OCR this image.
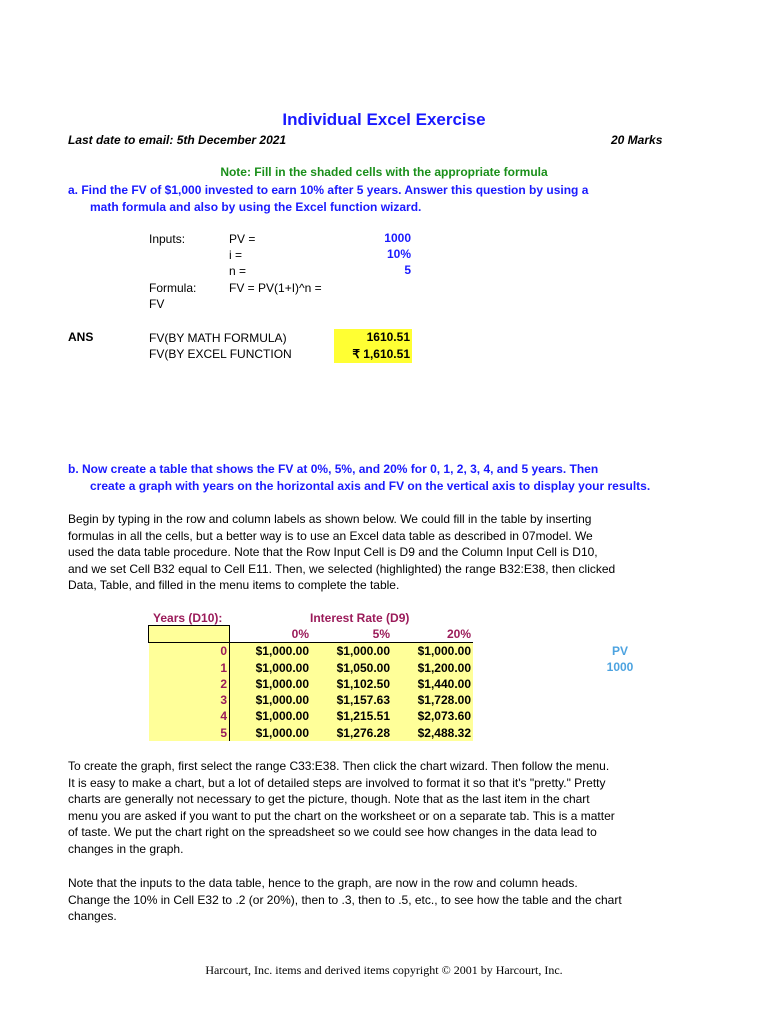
Individual Excel Exercise
Last date to email: 5th December 2021	20 Marks
Note: Fill in the shaded cells with the appropriate formula
a. Find the FV of $1,000 invested to earn 10% after 5 years. Answer this question by using a
math formula and also by using the Excel function wizard.
Inputs:	PV =	1000
i =	10%
n =	5
Formula:	FV = PV(1+I)^n =
FV
ANS	FV(BY MATH FORMULA)	1610.51
FV(BY EXCEL FUNCTION	₹ 1,610.51
b. Now create a table that shows the FV at 0%, 5%, and 20% for 0, 1, 2, 3, 4, and 5 years. Then
create a graph with years on the horizontal axis and FV on the vertical axis to display your results.
Begin by typing in the row and column labels as shown below. We could fill in the table by inserting
formulas in all the cells, but a better way is to use an Excel data table as described in 07model. We
used the data table procedure. Note that the Row Input Cell is D9 and the Column Input Cell is D10,
and we set Cell B32 equal to Cell E11. Then, we selected (highlighted) the range B32:E38, then clicked
Data, Table, and filled in the menu items to complete the table.
Years (D10):	Interest Rate (D9)
	0%	5%	20%
0	$1,000.00	$1,000.00	$1,000.00
1	$1,000.00	$1,050.00	$1,200.00
2	$1,000.00	$1,102.50	$1,440.00
3	$1,000.00	$1,157.63	$1,728.00
4	$1,000.00	$1,215.51	$2,073.60
5	$1,000.00	$1,276.28	$2,488.32
PV
1000
To create the graph, first select the range C33:E38. Then click the chart wizard. Then follow the menu.
It is easy to make a chart, but a lot of detailed steps are involved to format it so that it's "pretty." Pretty
charts are generally not necessary to get the picture, though. Note that as the last item in the chart
menu you are asked if you want to put the chart on the worksheet or on a separate tab. This is a matter
of taste. We put the chart right on the spreadsheet so we could see how changes in the data lead to
changes in the graph.
Note that the inputs to the data table, hence to the graph, are now in the row and column heads.
Change the 10% in Cell E32 to .2 (or 20%), then to .3, then to .5, etc., to see how the table and the chart
changes.
Harcourt, Inc. items and derived items copyright © 2001 by Harcourt, Inc.
